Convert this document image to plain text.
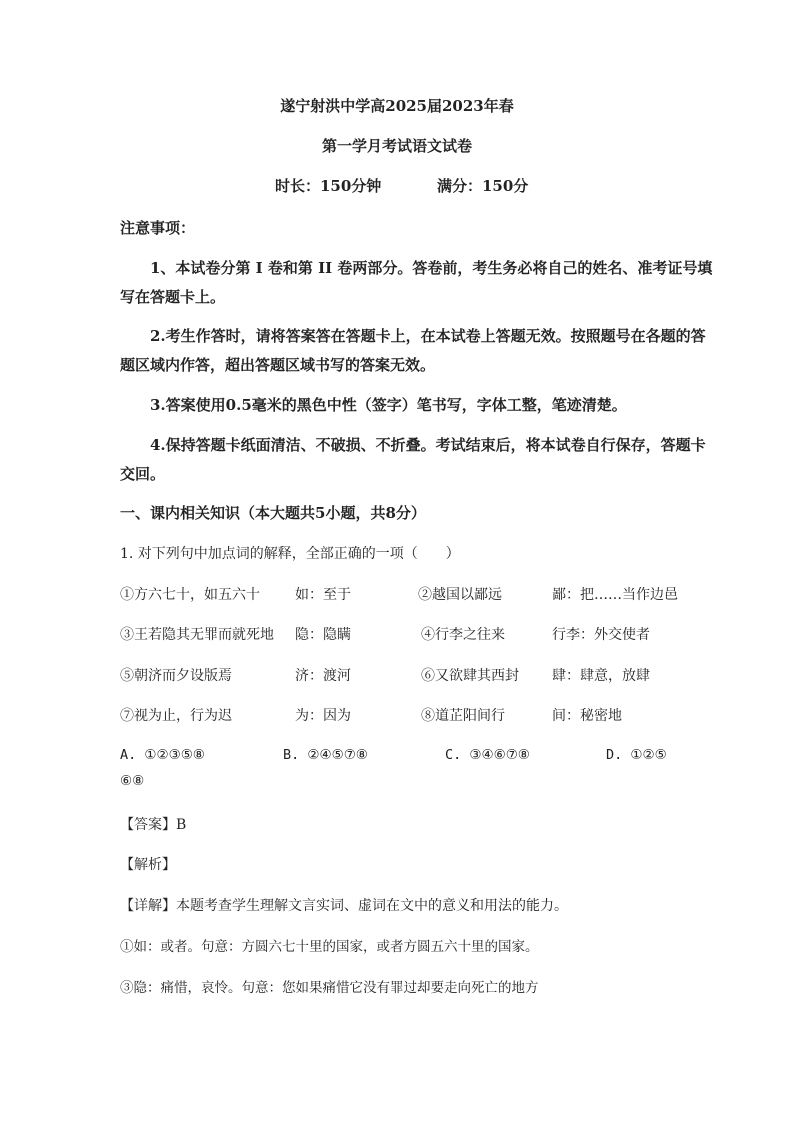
遂宁射洪中学高2025届2023年春
第一学月考试语文试卷
时长：150分钟	满分：150分
注意事项：
1、本试卷分第 I 卷和第 II 卷两部分。答卷前，考生务必将自己的姓名、准考证号填
写在答题卡上。
2.考生作答时，请将答案答在答题卡上，在本试卷上答题无效。按照题号在各题的答
题区域内作答，超出答题区域书写的答案无效。
3.答案使用0.5毫米的黑色中性（签字）笔书写，字体工整，笔迹清楚。
4.保持答题卡纸面清洁、不破损、不折叠。考试结束后，将本试卷自行保存，答题卡
交回。
一、课内相关知识（本大题共5小题，共8分）
1. 对下列句中加点词的解释，全部正确的一项（　　）
①方六七十，如五六十	如：至于	②越国以鄙远	鄙：把……当作边邑
③王若隐其无罪而就死地 隐：隐瞒	④行李之往来	行李：外交使者
⑤朝济而夕设版焉	济：渡河	⑥又欲肆其西封 肆：肆意，放肆
⑦视为止，行为迟	为：因为	⑧道芷阳间行	间：秘密地
A. ①②③⑤⑧	B. ②④⑤⑦⑧	C. ③④⑥⑦⑧	D. ①②⑤
⑥⑧
【答案】B
【解析】
【详解】本题考查学生理解文言实词、虚词在文中的意义和用法的能力。
①如：或者。句意：方圆六七十里的国家，或者方圆五六十里的国家。
③隐：痛惜，哀怜。句意：您如果痛惜它没有罪过却要走向死亡的地方
